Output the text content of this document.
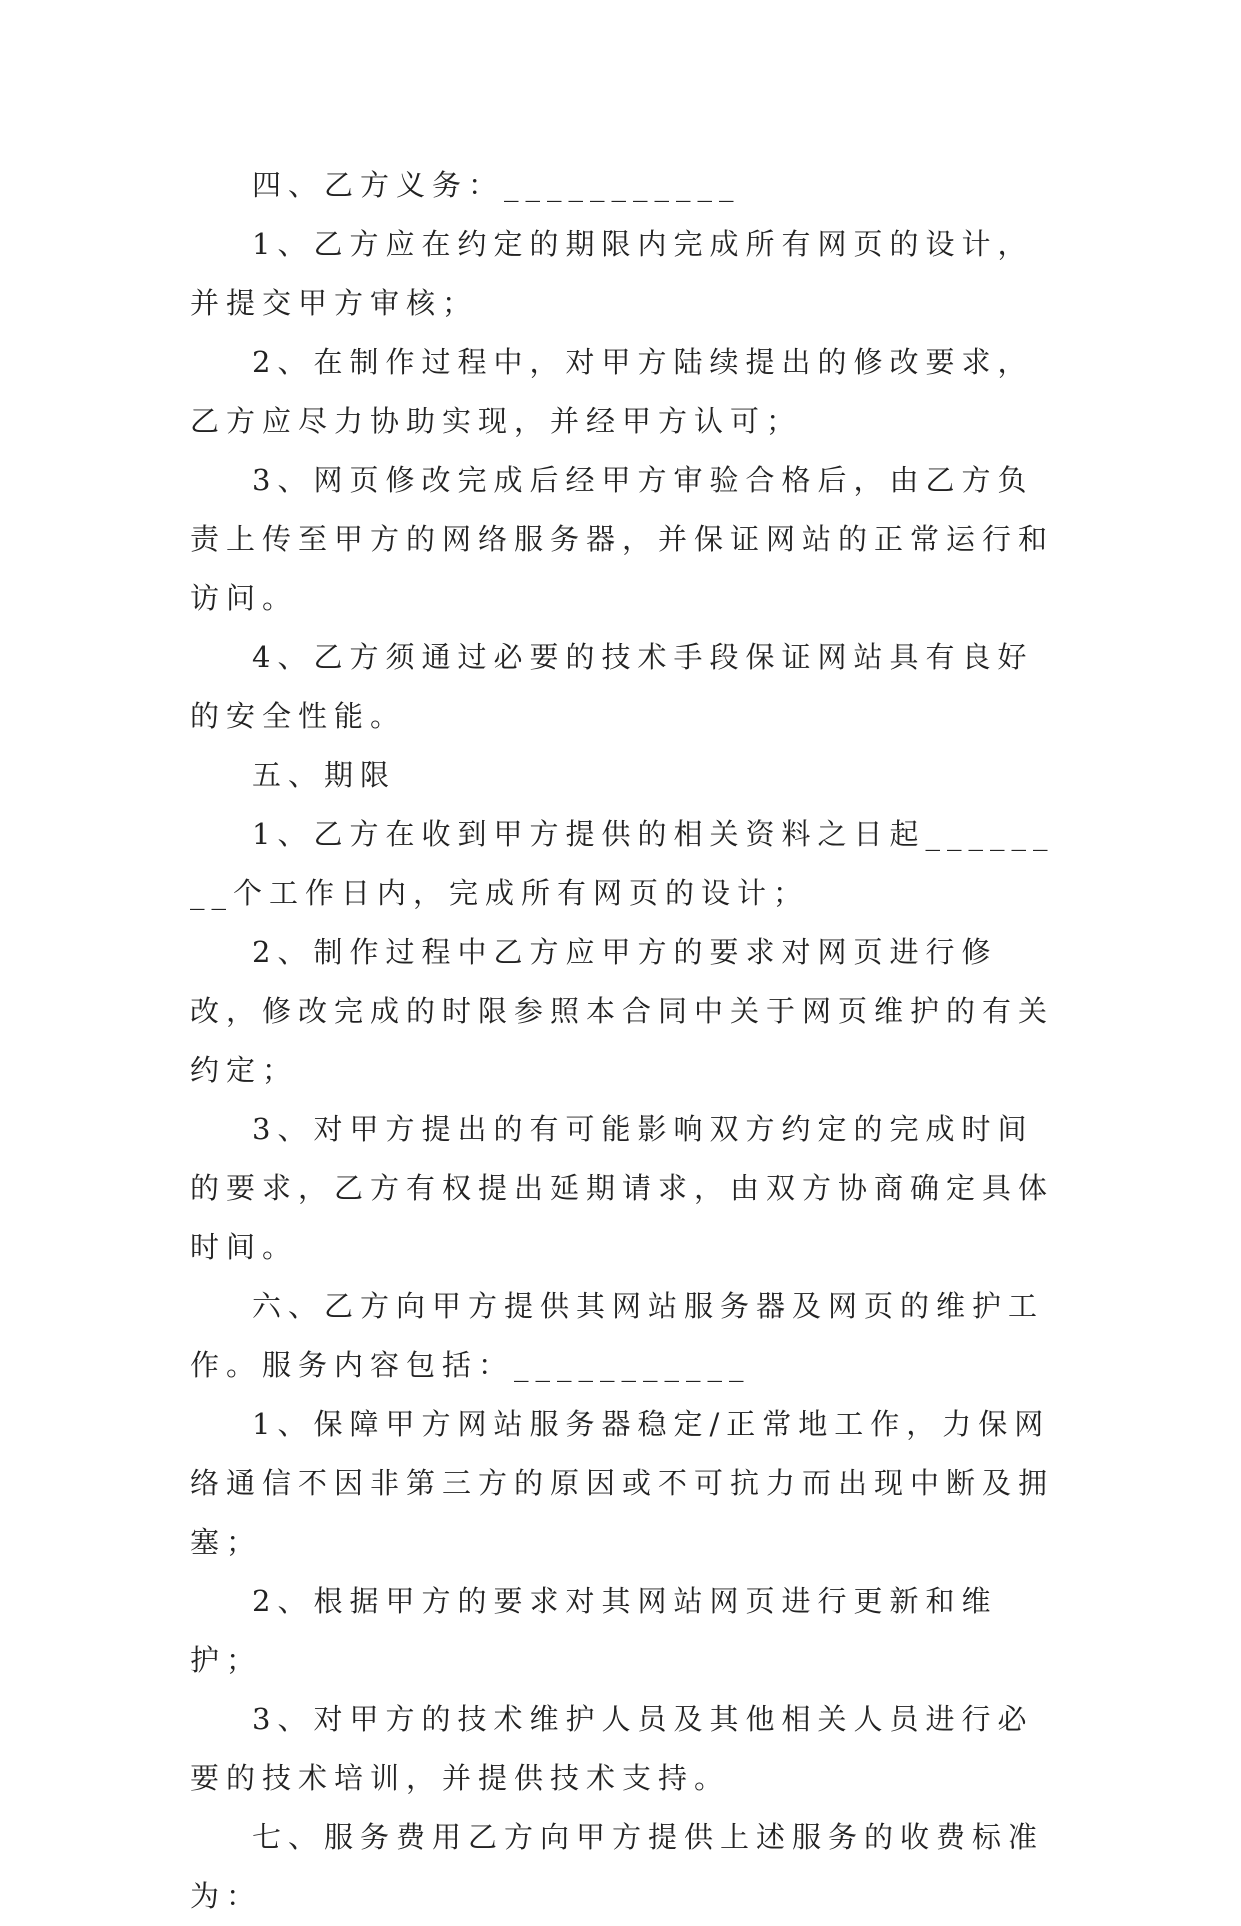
四、乙方义务：___________

1、乙方应在约定的期限内完成所有网页的设计，并提交甲方审核；

2、在制作过程中，对甲方陆续提出的修改要求，乙方应尽力协助实现，并经甲方认可；

3、网页修改完成后经甲方审验合格后，由乙方负责上传至甲方的网络服务器，并保证网站的正常运行和访问。

4、乙方须通过必要的技术手段保证网站具有良好的安全性能。

五、期限

1、乙方在收到甲方提供的相关资料之日起________个工作日内，完成所有网页的设计；

2、制作过程中乙方应甲方的要求对网页进行修改，修改完成的时限参照本合同中关于网页维护的有关约定；

3、对甲方提出的有可能影响双方约定的完成时间的要求，乙方有权提出延期请求，由双方协商确定具体时间。

六、乙方向甲方提供其网站服务器及网页的维护工作。服务内容包括：___________

1、保障甲方网站服务器稳定/正常地工作，力保网络通信不因非第三方的原因或不可抗力而出现中断及拥塞；

2、根据甲方的要求对其网站网页进行更新和维护；

3、对甲方的技术维护人员及其他相关人员进行必要的技术培训，并提供技术支持。

七、服务费用乙方向甲方提供上述服务的收费标准为：
